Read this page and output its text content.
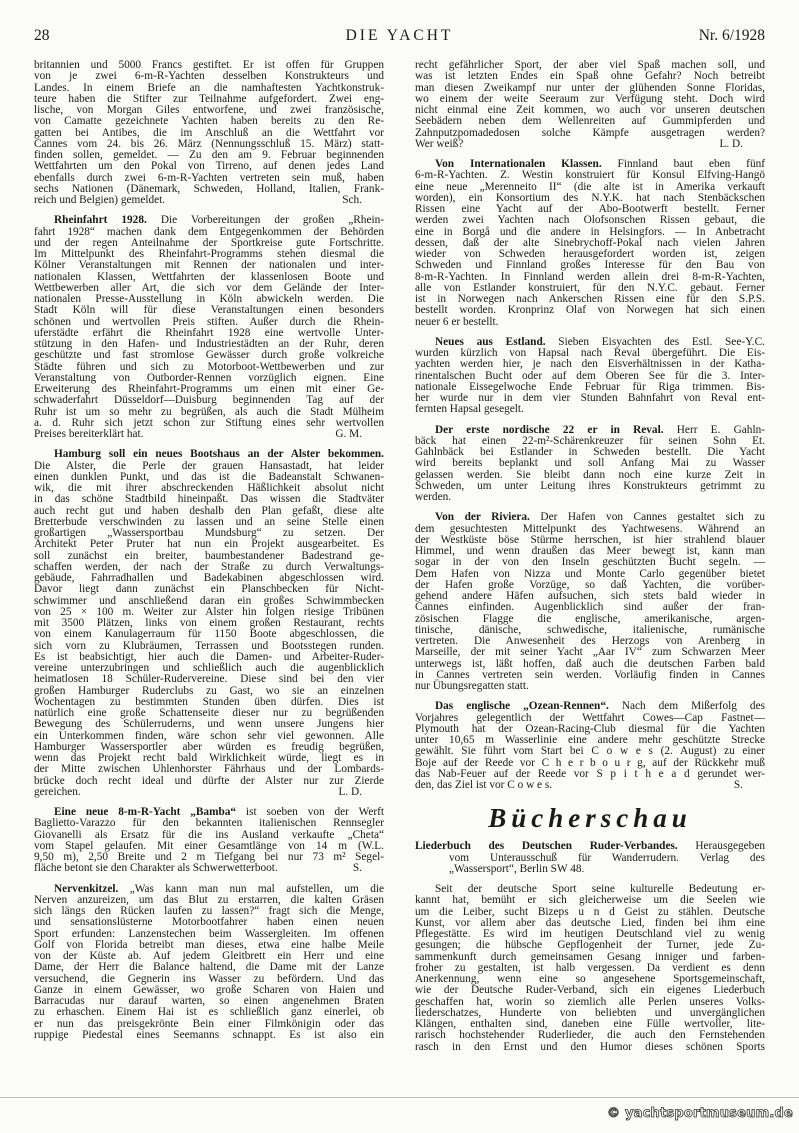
28	DIE YACHT	Nr. 6/1928
britannien und 5000 Francs gestiftet. Er ist offen für Gruppen
von je zwei 6-m-R-Yachten desselben Konstrukteurs und
Landes. In einem Briefe an die namhaftesten Yachtkonstruk-
teure haben die Stifter zur Teilnahme aufgefordert. Zwei eng-
lische, von Morgan Giles entworfene, und zwei französische,
von Camatte gezeichnete Yachten haben bereits zu den Re-
gatten bei Antibes, die im Anschluß an die Wettfahrt vor
Cannes vom 24. bis 26. März (Nennungsschluß 15. März) statt-
finden sollen, gemeldet. — Zu den am 9. Februar beginnenden
Wettfahrten um den Pokal von Tirreno, auf denen jedes Land
ebenfalls durch zwei 6-m-R-Yachten vertreten sein muß, haben
sechs Nationen (Dänemark, Schweden, Holland, Italien, Frank-
reich und Belgien) gemeldet.	Sch.
Rheinfahrt 1928. Die Vorbereitungen der großen „Rhein-
fahrt 1928“ machen dank dem Entgegenkommen der Behörden
und der regen Anteilnahme der Sportkreise gute Fortschritte.
Im Mittelpunkt des Rheinfahrt-Programms stehen diesmal die
Kölner Veranstaltungen mit Rennen der nationalen und inter-
nationalen Klassen, Wettfahrten der klassenlosen Boote und
Wettbewerben aller Art, die sich vor dem Gelände der Inter-
nationalen Presse-Ausstellung in Köln abwickeln werden. Die
Stadt Köln will für diese Veranstaltungen einen besonders
schönen und wertvollen Preis stiften. Außer durch die Rhein-
uferstädte erfährt die Rheinfahrt 1928 eine wertvolle Unter-
stützung in den Hafen- und Industriestädten an der Ruhr, deren
geschützte und fast stromlose Gewässer durch große volkreiche
Städte führen und sich zu Motorboot-Wettbewerben und zur
Veranstaltung von Outborder-Rennen vorzüglich eignen. Eine
Erweiterung des Rheinfahrt-Programms um einen mit einer Ge-
schwaderfahrt Düsseldorf—Duisburg beginnenden Tag auf der
Ruhr ist um so mehr zu begrüßen, als auch die Stadt Mülheim
a. d. Ruhr sich jetzt schon zur Stiftung eines sehr wertvollen
Preises bereiterklärt hat.	G. M.
Hamburg soll ein neues Bootshaus an der Alster bekommen.
Die Alster, die Perle der grauen Hansastadt, hat leider
einen dunklen Punkt, und das ist die Badeanstalt Schwanen-
wik, die mit ihrer abschreckenden Häßlichkeit absolut nicht
in das schöne Stadtbild hineinpaßt. Das wissen die Stadtväter
auch recht gut und haben deshalb den Plan gefaßt, diese alte
Bretterbude verschwinden zu lassen und an seine Stelle einen
großartigen „Wassersportbau Mundsburg“ zu setzen. Der
Architekt Peter Pruter hat nun ein Projekt ausgearbeitet. Es
soll zunächst ein breiter, baumbestandener Badestrand ge-
schaffen werden, der nach der Straße zu durch Verwaltungs-
gebäude, Fahrradhallen und Badekabinen abgeschlossen wird.
Davor liegt dann zunächst ein Planschbecken für Nicht-
schwimmer und anschließend daran ein großes Schwimmbecken
von 25 × 100 m. Weiter zur Alster hin folgen riesige Tribünen
mit 3500 Plätzen, links von einem großen Restaurant, rechts
von einem Kanulagerraum für 1150 Boote abgeschlossen, die
sich vorn zu Klubräumen, Terrassen und Bootsstegen runden.
Es ist beabsichtigt, hier auch die Damen- und Arbeiter-Ruder-
vereine unterzubringen und schließlich auch die augenblicklich
heimatlosen 18 Schüler-Rudervereine. Diese sind bei den vier
großen Hamburger Ruderclubs zu Gast, wo sie an einzelnen
Wochentagen zu bestimmten Stunden üben dürfen. Dies ist
natürlich eine große Schattenseite dieser nur zu begrüßenden
Bewegung des Schülerruderns, und wenn unsere Jungens hier
ein Unterkommen finden, wäre schon sehr viel gewonnen. Alle
Hamburger Wassersportler aber würden es freudig begrüßen,
wenn das Projekt recht bald Wirklichkeit würde, liegt es in
der Mitte zwischen Uhlenhorster Fährhaus und der Lombards-
brücke doch recht ideal und dürfte der Alster nur zur Zierde
gereichen.	L. D.
Eine neue 8-m-R-Yacht „Bamba“ ist soeben von der Werft
Baglietto-Varazzo für den bekannten italienischen Rennsegler
Giovanelli als Ersatz für die ins Ausland verkaufte „Cheta“
vom Stapel gelaufen. Mit einer Gesamtlänge von 14 m (W.L.
9,50 m), 2,50 Breite und 2 m Tiefgang bei nur 73 m² Segel-
fläche betont sie den Charakter als Schwerwetterboot.	S.
Nervenkitzel. „Was kann man nun mal aufstellen, um die
Nerven anzureizen, um das Blut zu erstarren, die kalten Gräsen
sich längs den Rücken laufen zu lassen?“ fragt sich die Menge,
und sensationslüsterne Motorbootfahrer haben einen neuen
Sport erfunden: Lanzenstechen beim Wassergleiten. Im offenen
Golf von Florida betreibt man dieses, etwa eine halbe Meile
von der Küste ab. Auf jedem Gleitbrett ein Herr und eine
Dame, der Herr die Balance haltend, die Dame mit der Lanze
versuchend, die Gegnerin ins Wasser zu befördern. Und das
Ganze in einem Gewässer, wo große Scharen von Haien und
Barracudas nur darauf warten, so einen angenehmen Braten
zu erhaschen. Einem Hai ist es schließlich ganz einerlei, ob
er nun das preisgekrönte Bein einer Filmkönigin oder das
ruppige Piedestal eines Seemanns schnappt. Es ist also ein
recht gefährlicher Sport, der aber viel Spaß machen soll, und
was ist letzten Endes ein Spaß ohne Gefahr? Noch betreibt
man diesen Zweikampf nur unter der glühenden Sonne Floridas,
wo einem der weite Seeraum zur Verfügung steht. Doch wird
nicht einmal eine Zeit kommen, wo auch vor unseren deutschen
Seebädern neben dem Wellenreiten auf Gummipferden und
Zahnputzpomadedosen solche Kämpfe ausgetragen werden?
Wer weiß?	L. D.
Von Internationalen Klassen. Finnland baut eben fünf
6-m-R-Yachten. Z. Westin konstruiert für Konsul Elfving-Hangö
eine neue „Merenneito II“ (die alte ist in Amerika verkauft
worden), ein Konsortium des N.Y.K. hat nach Stenbäckschen
Rissen eine Yacht auf der Abo-Bootwerft bestellt. Ferner
werden zwei Yachten nach Olofsonschen Rissen gebaut, die
eine in Borgå und die andere in Helsingfors. — In Anbetracht
dessen, daß der alte Sinebrychoff-Pokal nach vielen Jahren
wieder von Schweden herausgefordert worden ist, zeigen
Schweden und Finnland großes Interesse für den Bau von
8-m-R-Yachten. In Finnland werden allein drei 8-m-R-Yachten,
alle von Estlander konstruiert, für den N.Y.C. gebaut. Ferner
ist in Norwegen nach Ankerschen Rissen eine für den S.P.S.
bestellt worden. Kronprinz Olaf von Norwegen hat sich einen
neuer 6 er bestellt.
Neues aus Estland. Sieben Eisyachten des Estl. See-Y.C.
wurden kürzlich von Hapsal nach Reval übergeführt. Die Eis-
yachten werden hier, je nach den Eisverhältnissen in der Katha-
rinentalschen Bucht oder auf dem Oberen See für die 3. Inter-
nationale Eissegelwoche Ende Februar für Riga trimmen. Bis-
her wurde nur in dem vier Stunden Bahnfahrt von Reval ent-
fernten Hapsal gesegelt.
Der erste nordische 22 er in Reval. Herr E. Gahln-
bäck hat einen 22-m²-Schärenkreuzer für seinen Sohn Et.
Gahlnbäck bei Estlander in Schweden bestellt. Die Yacht
wird bereits beplankt und soll Anfang Mai zu Wasser
gelassen werden. Sie bleibt dann noch eine kurze Zeit in
Schweden, um unter Leitung ihres Konstrukteurs getrimmt zu
werden.
Von der Riviera. Der Hafen von Cannes gestaltet sich zu
dem gesuchtesten Mittelpunkt des Yachtwesens. Während an
der Westküste böse Stürme herrschen, ist hier strahlend blauer
Himmel, und wenn draußen das Meer bewegt ist, kann man
sogar in der von den Inseln geschützten Bucht segeln. —
Dem Hafen von Nizza und Monte Carlo gegenüber bietet
der Hafen große Vorzüge, so daß Yachten, die vorüber-
gehend andere Häfen aufsuchen, sich stets bald wieder in
Cannes einfinden. Augenblicklich sind außer der fran-
zösischen Flagge die englische, amerikanische, argen-
tinische, dänische, schwedische, italienische, rumänische
vertreten. Die Anwesenheit des Herzogs von Arenberg in
Marseille, der mit seiner Yacht „Aar IV“ zum Schwarzen Meer
unterwegs ist, läßt hoffen, daß auch die deutschen Farben bald
in Cannes vertreten sein werden. Vorläufig finden in Cannes
nur Übungsregatten statt.
Das englische „Ozean-Rennen“. Nach dem Mißerfolg des
Vorjahres gelegentlich der Wettfahrt Cowes—Cap Fastnet—
Plymouth hat der Ozean-Racing-Club diesmal für die Yachten
unter 10,65 m Wasserlinie eine andere mehr geschützte Strecke
gewählt. Sie führt vom Start bei C o w e s (2. August) zu einer
Boje auf der Reede vor C h e r b o u r g, auf der Rückkehr muß
das Nab-Feuer auf der Reede vor S p i t h e a d gerundet wer-
den, das Ziel ist vor C o w e s.	S.
Bücherschau
Liederbuch des Deutschen Ruder-Verbandes. Herausgegeben
vom Unterausschuß für Wanderrudern. Verlag des
„Wassersport“, Berlin SW 48.
Seit der deutsche Sport seine kulturelle Bedeutung er-
kannt hat, bemüht er sich gleicherweise um die Seelen wie
um die Leiber, sucht Bizeps u n d Geist zu stählen. Deutsche
Kunst, vor allem aber das deutsche Lied, finden bei ihm eine
Pflegestätte. Es wird im heutigen Deutschland viel zu wenig
gesungen; die hübsche Gepflogenheit der Turner, jede Zu-
sammenkunft durch gemeinsamen Gesang inniger und farben-
froher zu gestalten, ist halb vergessen. Da verdient es denn
Anerkennung, wenn eine so angesehene Sportsgemeinschaft,
wie der Deutsche Ruder-Verband, sich ein eigenes Liederbuch
geschaffen hat, worin so ziemlich alle Perlen unseres Volks-
liederschatzes, Hunderte von beliebten und unvergänglichen
Klängen, enthalten sind, daneben eine Fülle wertvoller, lite-
rarisch hochstehender Ruderlieder, die auch den Fernstehenden
rasch in den Ernst und den Humor dieses schönen Sports
© yachtsportmuseum.de
